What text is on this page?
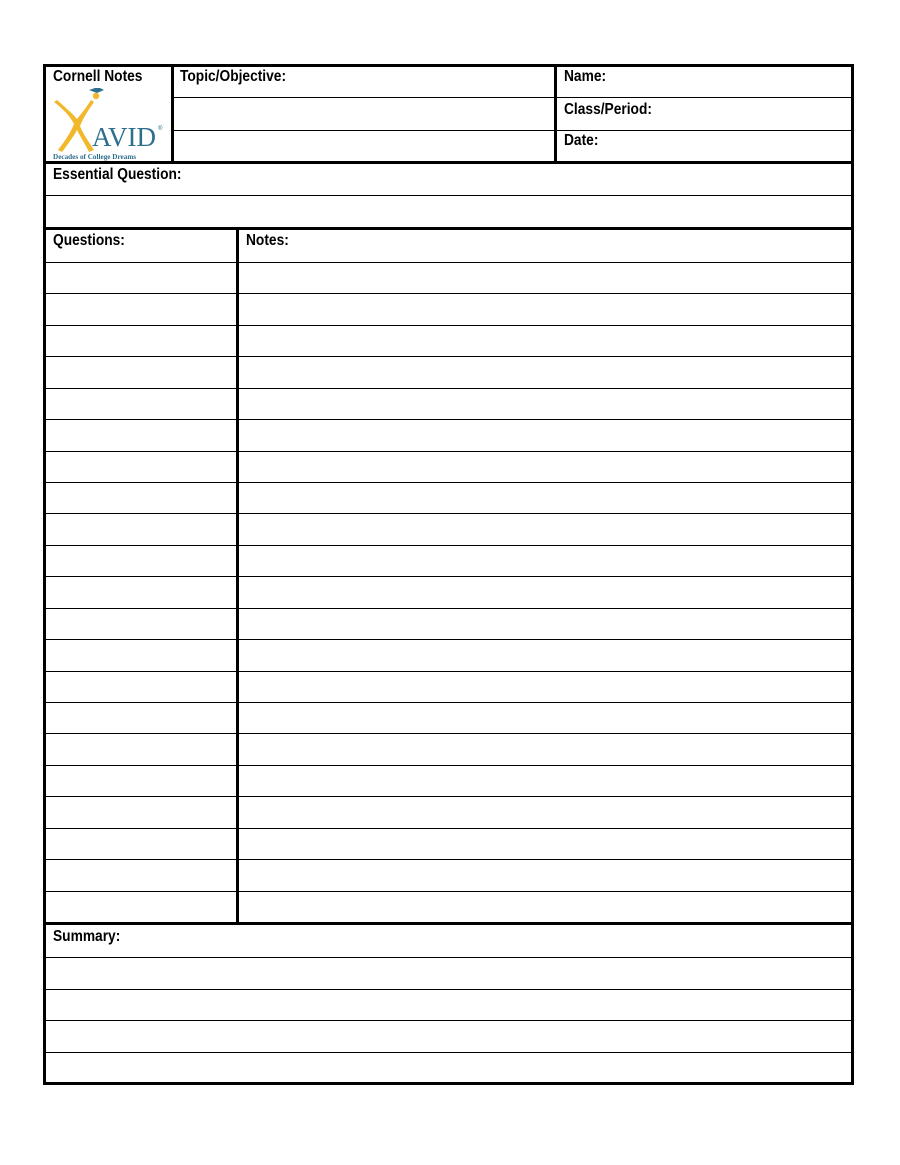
Cornell Notes Topic/Objective:	Name:
Class/Period:
Date:
AVID ®
Decades of College Dreams
Essential Question:
Questions:	Notes:
Summary:
